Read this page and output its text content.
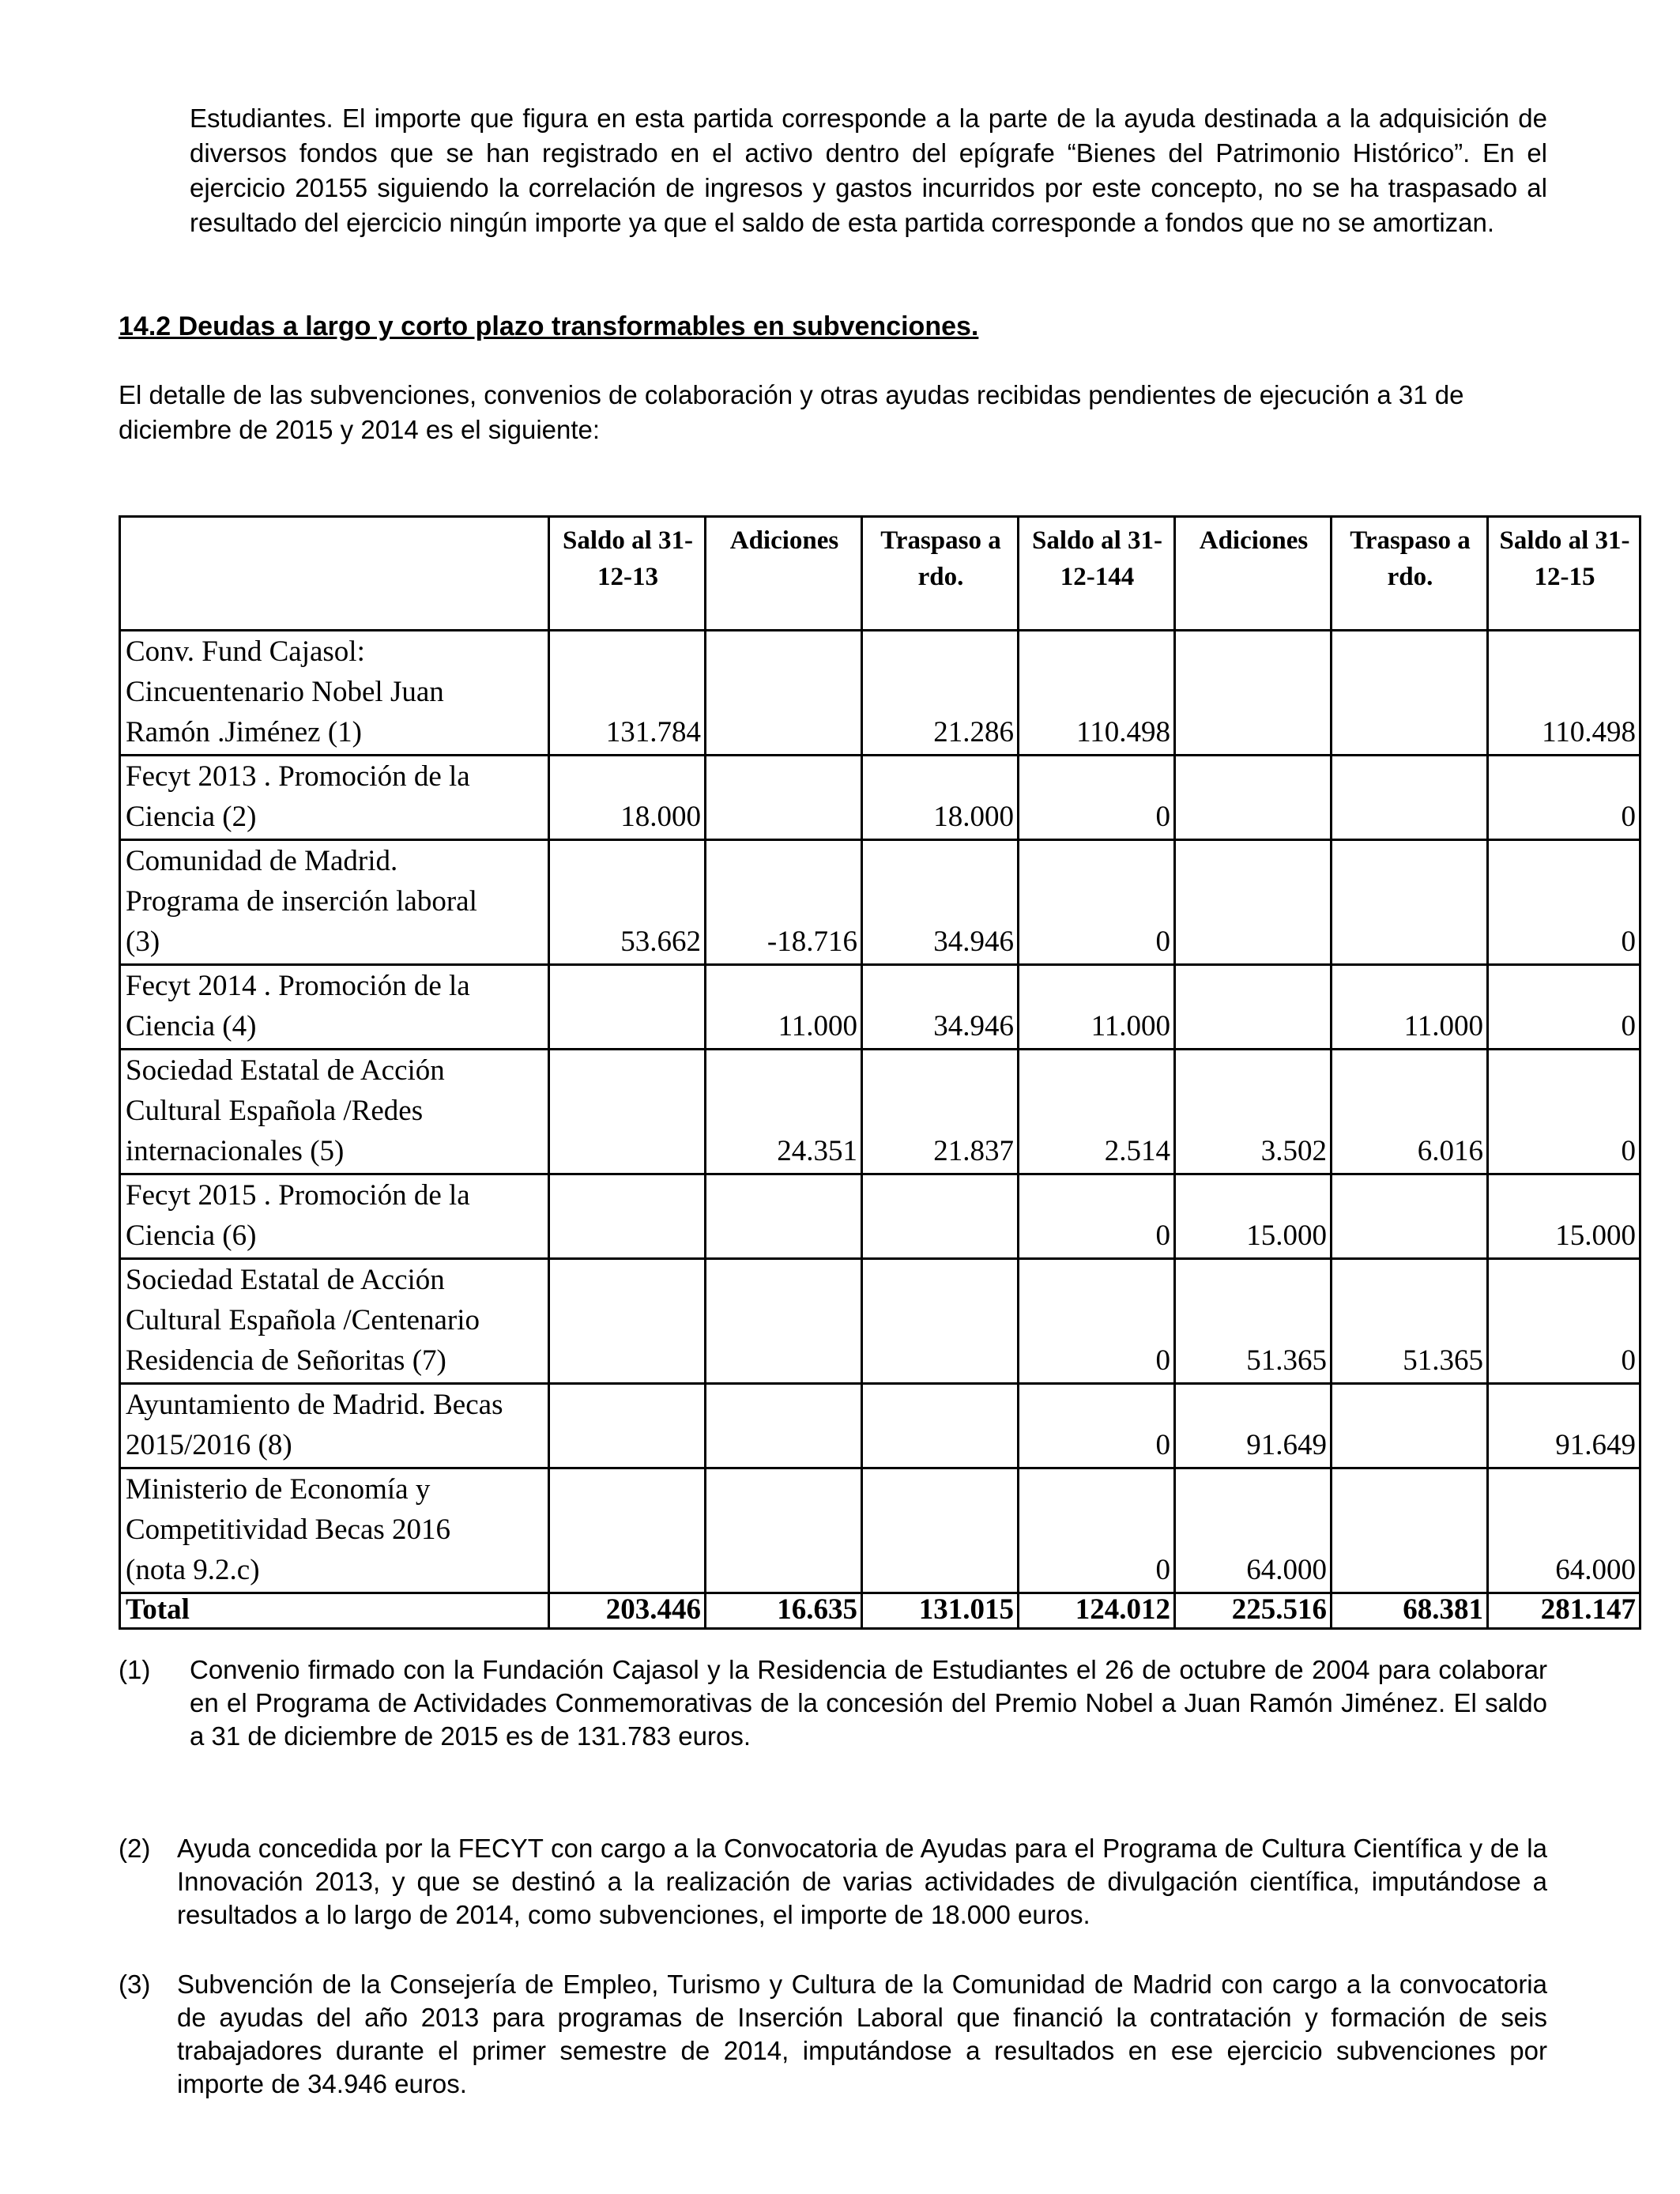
Estudiantes. El importe que figura en esta partida corresponde a la parte de la ayuda destinada a la adquisición de diversos fondos que se han registrado en el activo dentro del epígrafe “Bienes del Patrimonio Histórico”. En el ejercicio 20155 siguiendo la correlación de ingresos y gastos incurridos por este concepto, no se ha traspasado al resultado del ejercicio ningún importe ya que el saldo de esta partida corresponde a fondos que no se amortizan.

14.2 Deudas a largo y corto plazo transformables en subvenciones.

El detalle de las subvenciones, convenios de colaboración y otras ayudas recibidas pendientes de ejecución a 31 de diciembre de 2015 y 2014 es el siguiente:

	Saldo al 31-12-13	Adiciones	Traspaso a rdo.	Saldo al 31-12-144	Adiciones	Traspaso a rdo.	Saldo al 31-12-15
Conv. Fund Cajasol:
Cincuentenario Nobel Juan
Ramón .Jiménez (1)	131.784		21.286	110.498			110.498
Fecyt 2013 . Promoción de la
Ciencia (2)	18.000		18.000	0			0
Comunidad de Madrid.
Programa de inserción laboral
(3)	53.662	-18.716	34.946	0			0
Fecyt 2014 . Promoción de la
Ciencia (4)		11.000	34.946	11.000		11.000	0
Sociedad Estatal de Acción
Cultural Española /Redes
internacionales (5)		24.351	21.837	2.514	3.502	6.016	0
Fecyt 2015 . Promoción de la
Ciencia (6)				0	15.000		15.000
Sociedad Estatal de Acción
Cultural Española /Centenario
Residencia de Señoritas (7)				0	51.365	51.365	0
Ayuntamiento de Madrid. Becas
2015/2016 (8)				0	91.649		91.649
Ministerio de Economía y
Competitividad Becas 2016
(nota 9.2.c)				0	64.000		64.000
Total	203.446	16.635	131.015	124.012	225.516	68.381	281.147
(1) Convenio firmado con la Fundación Cajasol y la Residencia de Estudiantes el 26 de octubre de 2004 para colaborar en el Programa de Actividades Conmemorativas de la concesión del Premio Nobel a Juan Ramón Jiménez. El saldo a 31 de diciembre de 2015 es de 131.783 euros.
(2) Ayuda concedida por la FECYT con cargo a la Convocatoria de Ayudas para el Programa de Cultura Científica y de la Innovación 2013, y que se destinó a la realización de varias actividades de divulgación científica, imputándose a resultados a lo largo de 2014, como subvenciones, el importe de 18.000 euros.
(3) Subvención de la Consejería de Empleo, Turismo y Cultura de la Comunidad de Madrid con cargo a la convocatoria de ayudas del año 2013 para programas de Inserción Laboral que financió la contratación y formación de seis trabajadores durante el primer semestre de 2014, imputándose a resultados en ese ejercicio subvenciones por importe de 34.946 euros.
